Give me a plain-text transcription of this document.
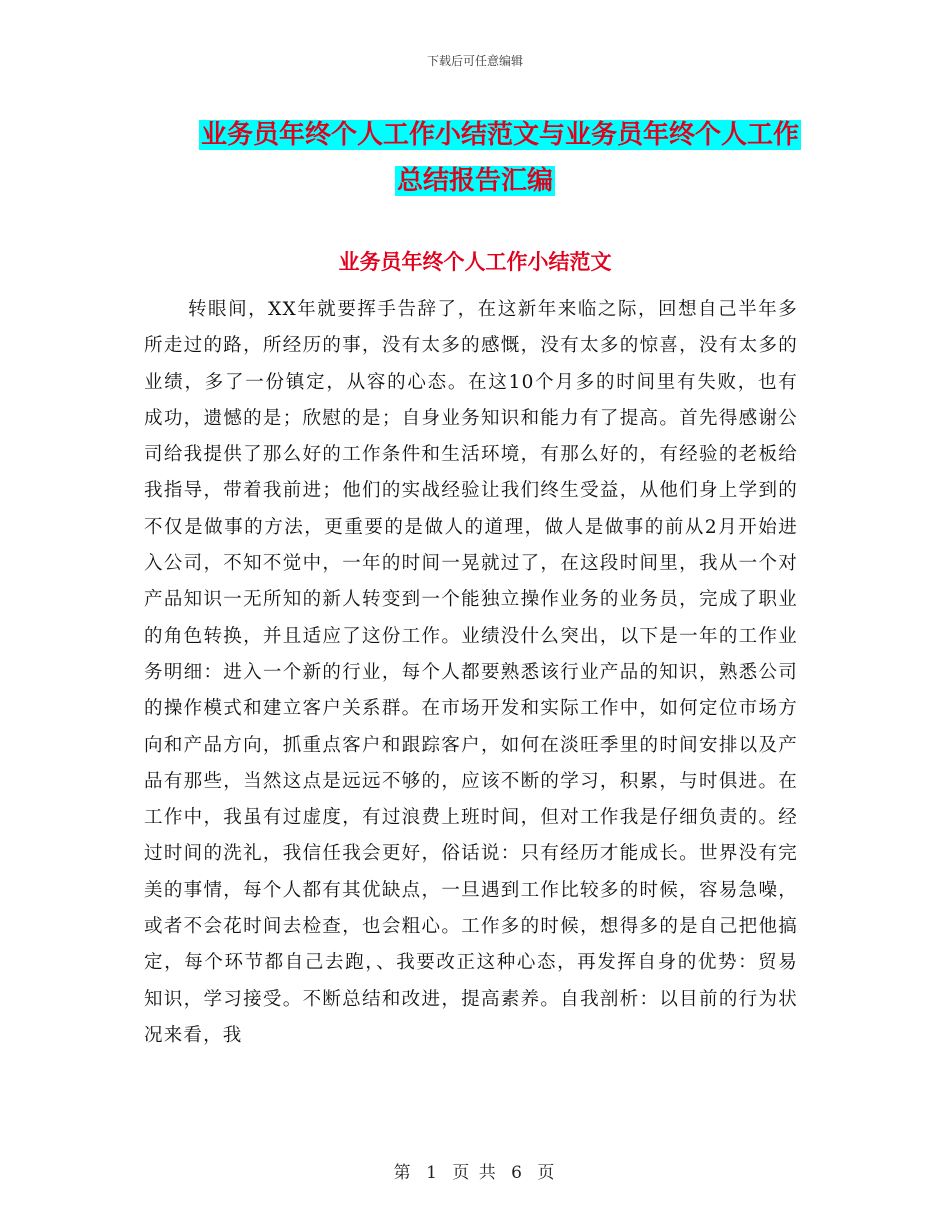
下载后可任意编辑
业务员年终个人工作小结范文与业务员年终个人工作
总结报告汇编
业务员年终个人工作小结范文

转眼间，XX年就要挥手告辞了，在这新年来临之际，回想自己半年多所走过的路，所经历的事，没有太多的感慨，没有太多的惊喜，没有太多的业绩，多了一份镇定，从容的心态。在这10个月多的时间里有失败，也有成功，遗憾的是；欣慰的是；自身业务知识和能力有了提高。首先得感谢公司给我提供了那么好的工作条件和生活环境，有那么好的，有经验的老板给我指导，带着我前进；他们的实战经验让我们终生受益，从他们身上学到的不仅是做事的方法，更重要的是做人的道理，做人是做事的前从2月开始进入公司，不知不觉中，一年的时间一晃就过了，在这段时间里，我从一个对产品知识一无所知的新人转变到一个能独立操作业务的业务员，完成了职业的角色转换，并且适应了这份工作。业绩没什么突出，以下是一年的工作业务明细：进入一个新的行业，每个人都要熟悉该行业产品的知识，熟悉公司的操作模式和建立客户关系群。在市场开发和实际工作中，如何定位市场方向和产品方向，抓重点客户和跟踪客户，如何在淡旺季里的时间安排以及产品有那些，当然这点是远远不够的，应该不断的学习，积累，与时俱进。在工作中，我虽有过虚度，有过浪费上班时间，但对工作我是仔细负责的。经过时间的洗礼，我信任我会更好，俗话说：只有经历才能成长。世界没有完美的事情，每个人都有其优缺点，一旦遇到工作比较多的时候，容易急噪，或者不会花时间去检查，也会粗心。工作多的时候，想得多的是自己把他搞定，每个环节都自己去跑，、我要改正这种心态，再发挥自身的优势：贸易知识，学习接受。不断总结和改进，提高素养。自我剖析：以目前的行为状况来看，我

第 1 页 共 6 页
